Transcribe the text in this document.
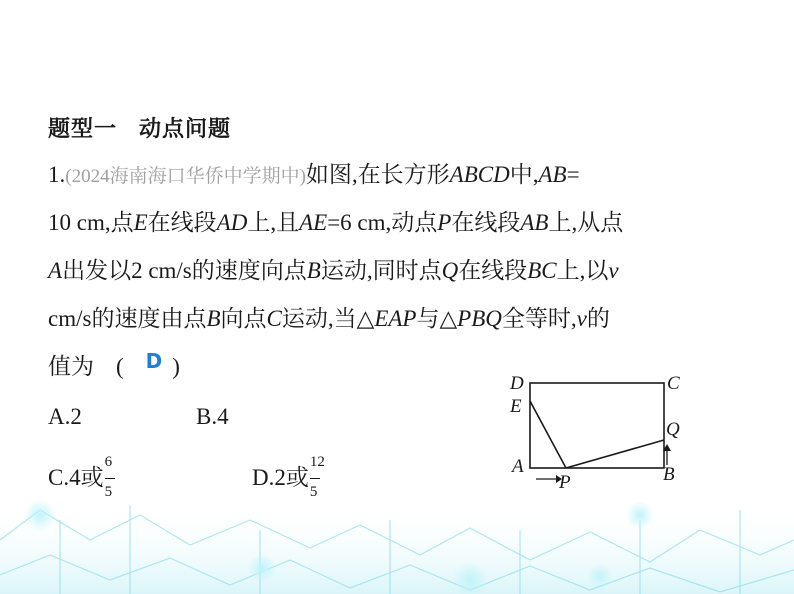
题型一 动点问题
1.(2024海南海口华侨中学期中)如图,在长方形ABCD中,AB=
10 cm,点E在线段AD上,且AE=6 cm,动点P在线段AB上,从点
A出发以2 cm/s的速度向点B运动,同时点Q在线段BC上,以v
cm/s的速度由点B向点C运动,当△EAP与△PBQ全等时,v的
值为 ( D )
A.2	B.4
C.4或 $\frac{6}{5}$	D.2或 $\frac{12}{5}$
D	C
E
Q
A	B
P
